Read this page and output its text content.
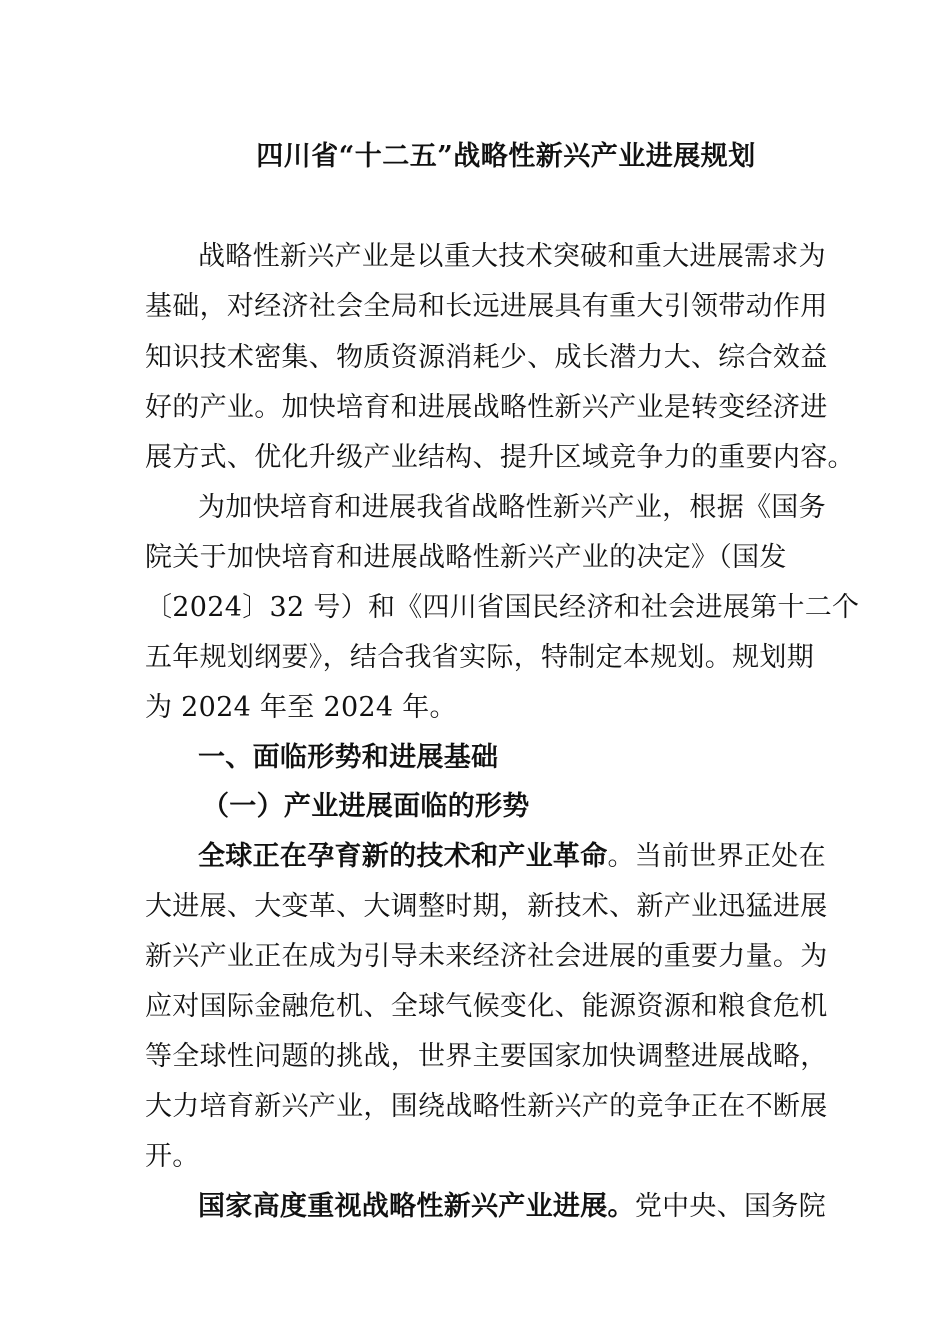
四川省“十二五”战略性新兴产业进展规划
战略性新兴产业是以重大技术突破和重大进展需求为
基础，对经济社会全局和长远进展具有重大引领带动作用
知识技术密集、物质资源消耗少、成长潜力大、综合效益
好的产业。加快培育和进展战略性新兴产业是转变经济进
展方式、优化升级产业结构、提升区域竞争力的重要内容。
为加快培育和进展我省战略性新兴产业，根据《国务
院关于加快培育和进展战略性新兴产业的决定》（国发
〔2024〕32 号）和《四川省国民经济和社会进展第十二个
五年规划纲要》，结合我省实际，特制定本规划。规划期
为 2024 年至 2024 年。
一、面临形势和进展基础
（一）产业进展面临的形势
全球正在孕育新的技术和产业革命。当前世界正处在
大进展、大变革、大调整时期，新技术、新产业迅猛进展
新兴产业正在成为引导未来经济社会进展的重要力量。为
应对国际金融危机、全球气候变化、能源资源和粮食危机
等全球性问题的挑战，世界主要国家加快调整进展战略，
大力培育新兴产业，围绕战略性新兴产的竞争正在不断展
开。
国家高度重视战略性新兴产业进展。党中央、国务院
